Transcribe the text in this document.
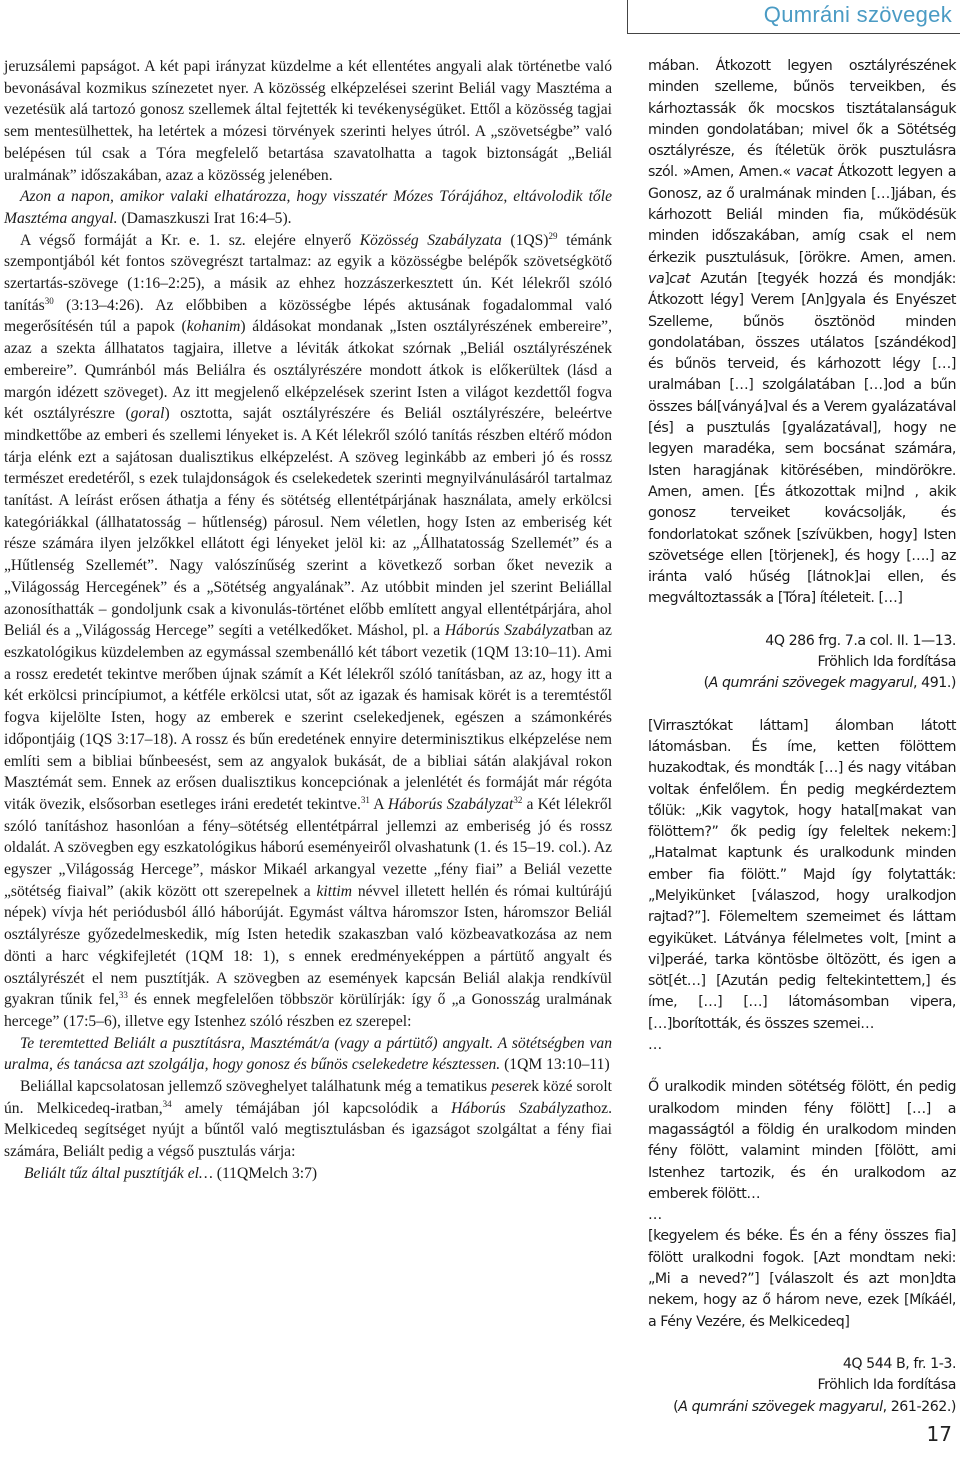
Qumráni szövegek

jeruzsálemi papságot. A két papi irányzat küzdelme a két ellentétes angyali alak történetbe való bevonásával kozmikus színezetet nyer. A közösség elképzelései szerint Beliál vagy Masztéma a vezetésük alá tartozó gonosz szellemek által fejtették ki tevékenységüket. Ettől a közösség tagjai sem mentesülhettek, ha letértek a mózesi törvények szerinti helyes útról. A „szövetségbe” való belépésen túl csak a Tóra megfelelő betartása szavatolhatta a tagok biztonságát „Beliál uralmának” időszakában, azaz a közösség jelenében.

Azon a napon, amikor valaki elhatározza, hogy visszatér Mózes Tórájához, eltávolodik tőle Masztéma angyal. (Damaszkuszi Irat 16:4–5).

A végső formáját a Kr. e. 1. sz. elejére elnyerő Közösség Szabályzata $(1QS)^{29}$ témánk szempontjából két fontos szövegrészt tartalmaz: az egyik a közösségbe belépők szövetségkötő szertartás-szövege (1:16–2:25), a másik az ehhez hozzászerkesztett ún. Két lélekről szóló tanítás$^{30}$ (3:13–4:26). Az előbbiben a közösségbe lépés aktusának fogadalommal való megerősítésén túl a papok (kohanim) áldásokat mondanak „Isten osztályrészének embereire”, azaz a szekta állhatatos tagjaira, illetve a léviták átkokat szórnak „Beliál osztályrészének embereire”. Qumránból más Beliálra és osztályrészére mondott átkok is előkerültek (lásd a margón idézett szöveget). Az itt megjelenő elképzelések szerint Isten a világot kezdettől fogva két osztályrészre (goral) osztotta, saját osztályrészére és Beliál osztályrészére, beleértve mindkettőbe az emberi és szellemi lényeket is. A Két lélekről szóló tanítás részben eltérő módon tárja elénk ezt a sajátosan dualisztikus elképzelést. A szöveg leginkább az emberi jó és rossz természet eredetéről, s ezek tulajdonságok és cselekedetek szerinti megnyilvánulásáról tartalmaz tanítást. A leírást erősen áthatja a fény és sötétség ellentétpárjának használata, amely erkölcsi kategóriákkal (állhatatosság – hűtlenség) párosul. Nem véletlen, hogy Isten az emberiség két része számára ilyen jelzőkkel ellátott égi lényeket jelöl ki: az „Állhatatosság Szellemét” és a „Hűtlenség Szellemét”. Nagy valószínűség szerint a következő sorban őket nevezik a „Világosság Hercegének” és a „Sötétség angyalának”. Az utóbbit minden jel szerint Beliállal azonosíthatták – gondoljunk csak a kivonulás-történet előbb említett angyal ellentétpárjára, ahol Beliál és a „Világosság Hercege” segíti a vetélkedőket. Máshol, pl. a Háborús Szabályzatban az eszkatológikus küzdelemben az egymással szembenálló két tábort vezetik (1QM 13:10–11). Ami a rossz eredetét tekintve merőben újnak számít a Két lélekről szóló tanításban, az az, hogy itt a két erkölcsi princípiumot, a kétféle erkölcsi utat, sőt az igazak és hamisak körét is a teremtéstől fogva kijelölte Isten, hogy az emberek e szerint cselekedjenek, egészen a számonkérés időpontjáig (1QS 3:17–18). A rossz és bűn eredetének ennyire determinisztikus elképzelése nem említi sem a bibliai bűnbeesést, sem az angyalok bukását, de a bibliai sátán alakjával rokon Masztémát sem. Ennek az erősen dualisztikus koncepciónak a jelenlétét és formáját már régóta viták övezik, elsősorban esetleges iráni eredetét tekintve.$^{31}$ A Háborús Szabályzat$^{32}$ a Két lélekről szóló tanításhoz hasonlóan a fény–sötétség ellentétpárral jellemzi az emberiség jó és rossz oldalát. A szövegben egy eszkatológikus háború eseményeiről olvashatunk (1. és 15–19. col.). Az egyszer „Világosság Hercege”, máskor Mikaél arkangyal vezette „fény fiai” a Beliál vezette „sötétség fiaival” (akik között ott szerepelnek a kittim névvel illetett hellén és római kultúrájú népek) vívja hét periódusból álló háborúját. Egymást váltva háromszor Isten, háromszor Beliál osztályrésze győzedelmeskedik, míg Isten hetedik szakaszban való közbeavatkozása az nem dönti a harc végkifejletét (1QM 18: 1), s ennek eredményeképpen a pártütő angyalt és osztályrészét el nem pusztítják. A szövegben az események kapcsán Beliál alakja rendkívül gyakran tűnik fel,$^{33}$ és ennek megfelelően többször körülírják: így ő „a Gonosszág uralmának hercege” (17:5–6), illetve egy Istenhez szóló részben ez szerepel:

Te teremtetted Beliált a pusztításra, Masztémát/a (vagy a pártütő) angyalt. A sötétségben van uralma, és tanácsa azt szolgálja, hogy gonosz és bűnös cselekedetre késztessen. (1QM 13:10–11)

Beliállal kapcsolatosan jellemző szöveghelyet találhatunk még a tematikus peserek közé sorolt ún. Melkicedeq-iratban,$^{34}$ amely témájában jól kapcsolódik a Háborús Szabályzathoz. Melkicedeq segítséget nyújt a bűntől való megtisztulásban és igazságot szolgáltat a fény fiai számára, Beliált pedig a végső pusztulás várja:

Beliált tűz által pusztítják el… (11QMelch 3:7)

mában. Átkozott legyen osztályrészének minden szelleme, bűnös terveikben, és kárhoztassák ők mocskos tisztátalanságuk minden gondolatában; mivel ők a Sötétség osztályrésze, és ítéletük örök pusztulásra szól. »Amen, Amen.« vacat Átkozott legyen a Gonosz, az ő uralmának minden […]jában, és kárhozott Beliál minden fia, működésük minden időszakában, amíg csak el nem érkezik pusztulásuk, [örökre. Amen, amen. va]cat Azután [tegyék hozzá és mondják: Átkozott légy] Verem [An]gyala és Enyészet Szelleme, bűnös ösztönöd minden gondolatában, összes utálatos [szándékod] és bűnös terveid, és kárhozott légy […] uralmában […] szolgálatában […]od a bűn összes bál[ványá]val és a Verem gyalázatával [és] a pusztulás [gyalázatával], hogy ne legyen maradéka, sem bocsánat számára, Isten haragjának kitörésében, mindörökre. Amen, amen. [És átkozottak mi]nd , akik gonosz terveiket kovácsolják, és fondorlatokat szőnek [szívükben, hogy] Isten szövetsége ellen [törjenek], és hogy [….] az iránta való hűség [látnok]ai ellen, és megváltoztassák a [Tóra] ítéleteit. […]

4Q 286 frg. 7.a col. II. 1—13.

Fröhlich Ida fordítása

(A qumráni szövegek magyarul, 491.)

[Virrasztókat láttam] álomban látott látomásban. És íme, ketten fölöttem huzakodtak, és mondták […] és nagy vitában voltak énfelőlem. Én pedig megkérdeztem tőlük: „Kik vagytok, hogy hatal[makat van fölöttem?” ők pedig így feleltek nekem:] „Hatalmat kaptunk és uralkodunk minden ember fia fölött.” Majd így folytatták: „Melyikünket [válaszod, hogy uralkodjon rajtad?”]. Fölemeltem szemeimet és láttam egyiküket. Látványa félelmetes volt, [mint a vi]peráé, tarka köntösbe öltözött, és igen a söt[ét…] [Azután pedig feltekintettem,] és íme, […] […] látomásomban vipera, […]borították, és összes szemei…

…

Ő uralkodik minden sötétség fölött, én pedig uralkodom minden fény fölött] […] a magasságtól a földig én uralkodom minden fény fölött, valamint minden [fölött, ami Istenhez tartozik, és én uralkodom az emberek fölött…

…

[kegyelem és béke. És én a fény összes fia] fölött uralkodni fogok. [Azt mondtam neki: „Mi a neved?”] [válaszolt és azt mon]dta nekem, hogy az ő három neve, ezek [Míkáél, a Fény Vezére, és Melkicedeq]

4Q 544 B, fr. 1-3.

Fröhlich Ida fordítása

(A qumráni szövegek magyarul, 261-262.)

17
